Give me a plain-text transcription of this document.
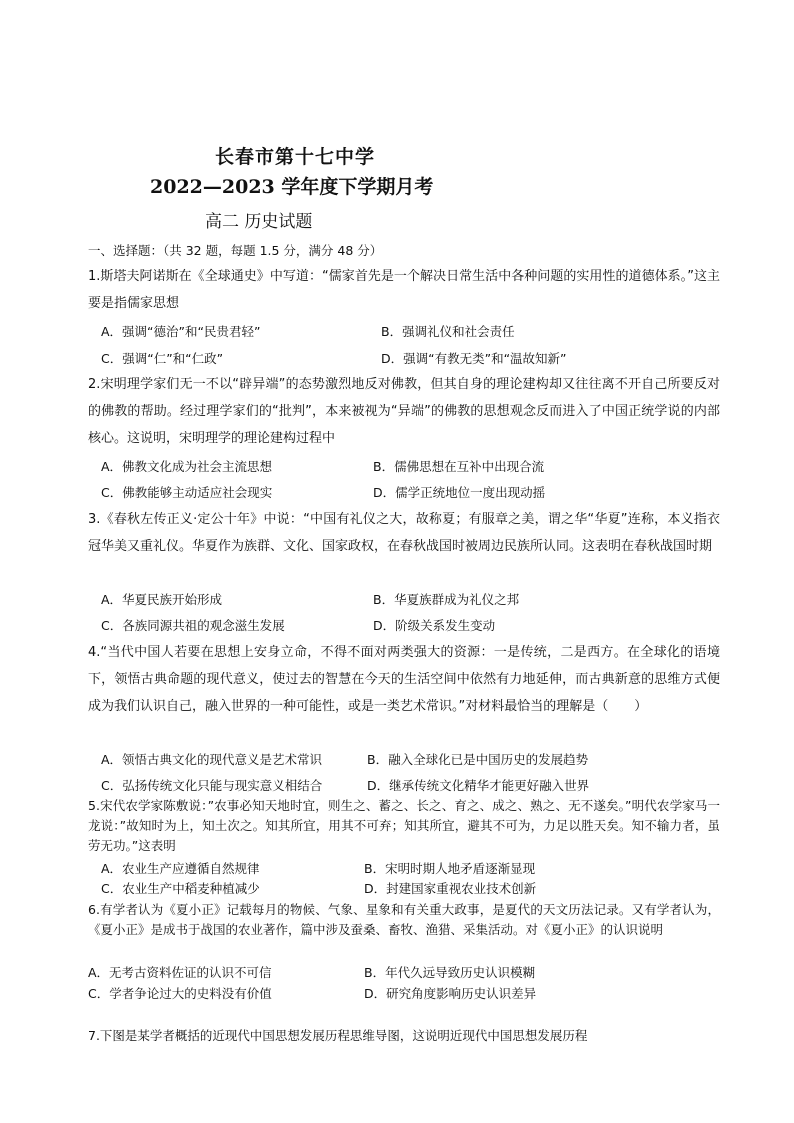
长春市第十七中学
2022—2023 学年度下学期月考
高二 历史试题
一、选择题：（共 32 题，每题 1.5 分，满分 48 分）
1.斯塔夫阿诺斯在《全球通史》中写道：“儒家首先是一个解决日常生活中各种问题的实用性的道德体系。”这主要是指儒家思想
A．强调“德治”和“民贵君轻”	B．强调礼仪和社会责任
C．强调“仁”和“仁政”	D．强调“有教无类”和“温故知新”
2.宋明理学家们无一不以“辟异端”的态势激烈地反对佛教，但其自身的理论建构却又往往离不开自己所要反对的佛教的帮助。经过理学家们的“批判”，本来被视为“异端”的佛教的思想观念反而进入了中国正统学说的内部核心。这说明，宋明理学的理论建构过程中
A．佛教文化成为社会主流思想	B．儒佛思想在互补中出现合流
C．佛教能够主动适应社会现实	D．儒学正统地位一度出现动摇
3.《春秋左传正义·定公十年》中说：“中国有礼仪之大，故称夏；有服章之美，谓之华“华夏”连称，本义指衣冠华美又重礼仪。华夏作为族群、文化、国家政权，在春秋战国时被周边民族所认同。这表明在春秋战国时期
A．华夏民族开始形成	B．华夏族群成为礼仪之邦
C．各族同源共祖的观念滋生发展	D．阶级关系发生变动
4.“当代中国人若要在思想上安身立命，不得不面对两类强大的资源：一是传统，二是西方。在全球化的语境下，领悟古典命题的现代意义，使过去的智慧在今天的生活空间中依然有力地延伸，而古典新意的思维方式便成为我们认识自己，融入世界的一种可能性，或是一类艺术常识。”对材料最恰当的理解是（　　）
A．领悟古典文化的现代意义是艺术常识	B．融入全球化已是中国历史的发展趋势
C．弘扬传统文化只能与现实意义相结合	D．继承传统文化精华才能更好融入世界
5.宋代农学家陈敷说：”农事必知天地时宜，则生之、蓄之、长之、育之、成之、熟之、无不遂矣。”明代农学家马一龙说：”故知时为上，知土次之。知其所宜，用其不可弃；知其所宜，避其不可为，力足以胜天矣。知不输力者，虽劳无功。”这表明
A．农业生产应遵循自然规律	B．宋明时期人地矛盾逐渐显现
C．农业生产中稻麦种植减少	D．封建国家重视农业技术创新
6.有学者认为《夏小正》记载每月的物候、气象、星象和有关重大政事，是夏代的天文历法记录。又有学者认为，《夏小正》是成书于战国的农业著作，篇中涉及蚕桑、畜牧、渔猎、采集活动。对《夏小正》的认识说明
A．无考古资料佐证的认识不可信	B．年代久远导致历史认识模糊
C．学者争论过大的史料没有价值	D．研究角度影响历史认识差异
7.下图是某学者概括的近现代中国思想发展历程思维导图，这说明近现代中国思想发展历程
